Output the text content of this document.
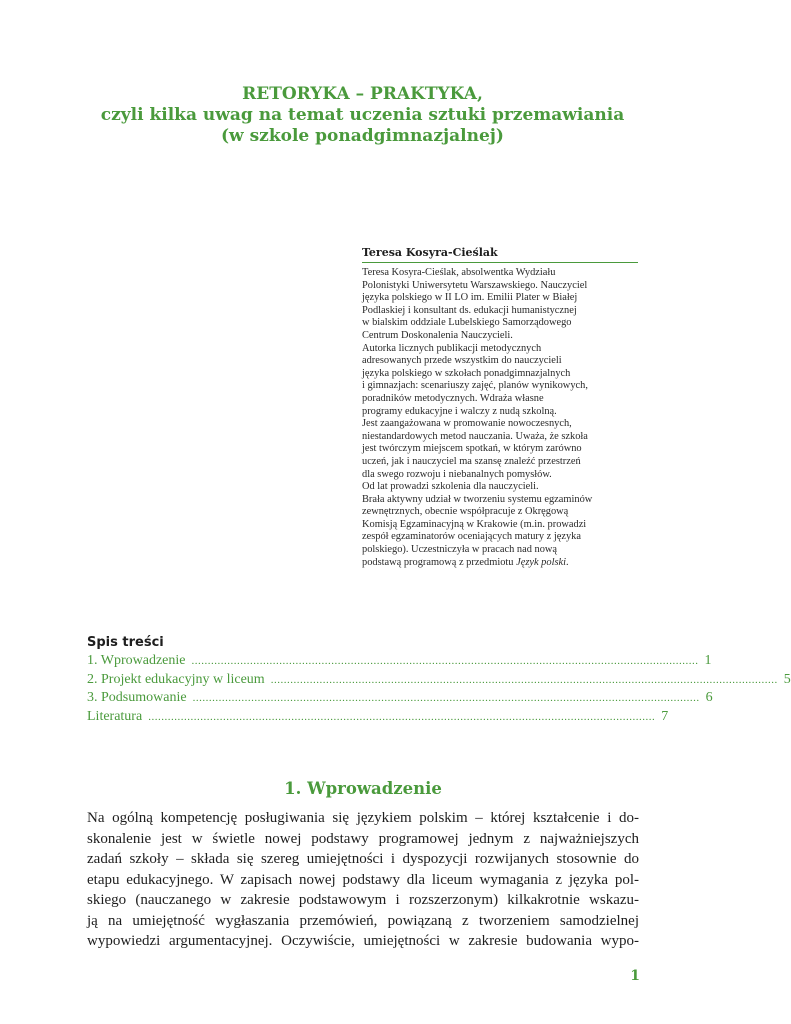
RETORYKA – PRAKTYKA,
czyli kilka uwag na temat uczenia sztuki przemawiania
(w szkole ponadgimnazjalnej)
Teresa Kosyra-Cieślak
Teresa Kosyra-Cieślak, absolwentka Wydziału
Polonistyki Uniwersytetu Warszawskiego. Nauczyciel
języka polskiego w II LO im. Emilii Plater w Białej
Podlaskiej i konsultant ds. edukacji humanistycznej
w bialskim oddziale Lubelskiego Samorządowego
Centrum Doskonalenia Nauczycieli.
Autorka licznych publikacji metodycznych
adresowanych przede wszystkim do nauczycieli
języka polskiego w szkołach ponadgimnazjalnych
i gimnazjach: scenariuszy zajęć, planów wynikowych,
poradników metodycznych. Wdraża własne
programy edukacyjne i walczy z nudą szkolną.
Jest zaangażowana w promowanie nowoczesnych,
niestandardowych metod nauczania. Uważa, że szkoła
jest twórczym miejscem spotkań, w którym zarówno
uczeń, jak i nauczyciel ma szansę znaleźć przestrzeń
dla swego rozwoju i niebanalnych pomysłów.
Od lat prowadzi szkolenia dla nauczycieli.
Brała aktywny udział w tworzeniu systemu egzaminów
zewnętrznych, obecnie współpracuje z Okręgową
Komisją Egzaminacyjną w Krakowie (m.in. prowadzi
zespół egzaminatorów oceniających matury z języka
polskiego). Uczestniczyła w pracach nad nową
podstawą programową z przedmiotu Język polski.
Spis treści
1. Wprowadzenie ............................................................................................................................................................ 1
2. Projekt edukacyjny w liceum ............................................................................................................................................................ 5
3. Podsumowanie ............................................................................................................................................................ 6
Literatura ............................................................................................................................................................ 7
1. Wprowadzenie
Na ogólną kompetencję posługiwania się językiem polskim – której kształcenie i do-
skonalenie jest w świetle nowej podstawy programowej jednym z najważniejszych
zadań szkoły – składa się szereg umiejętności i dyspozycji rozwijanych stosownie do
etapu edukacyjnego. W zapisach nowej podstawy dla liceum wymagania z języka pol-
skiego (nauczanego w zakresie podstawowym i rozszerzonym) kilkakrotnie wskazu-
ją na umiejętność wygłaszania przemówień, powiązaną z tworzeniem samodzielnej
wypowiedzi argumentacyjnej. Oczywiście, umiejętności w zakresie budowania wypo-
1
